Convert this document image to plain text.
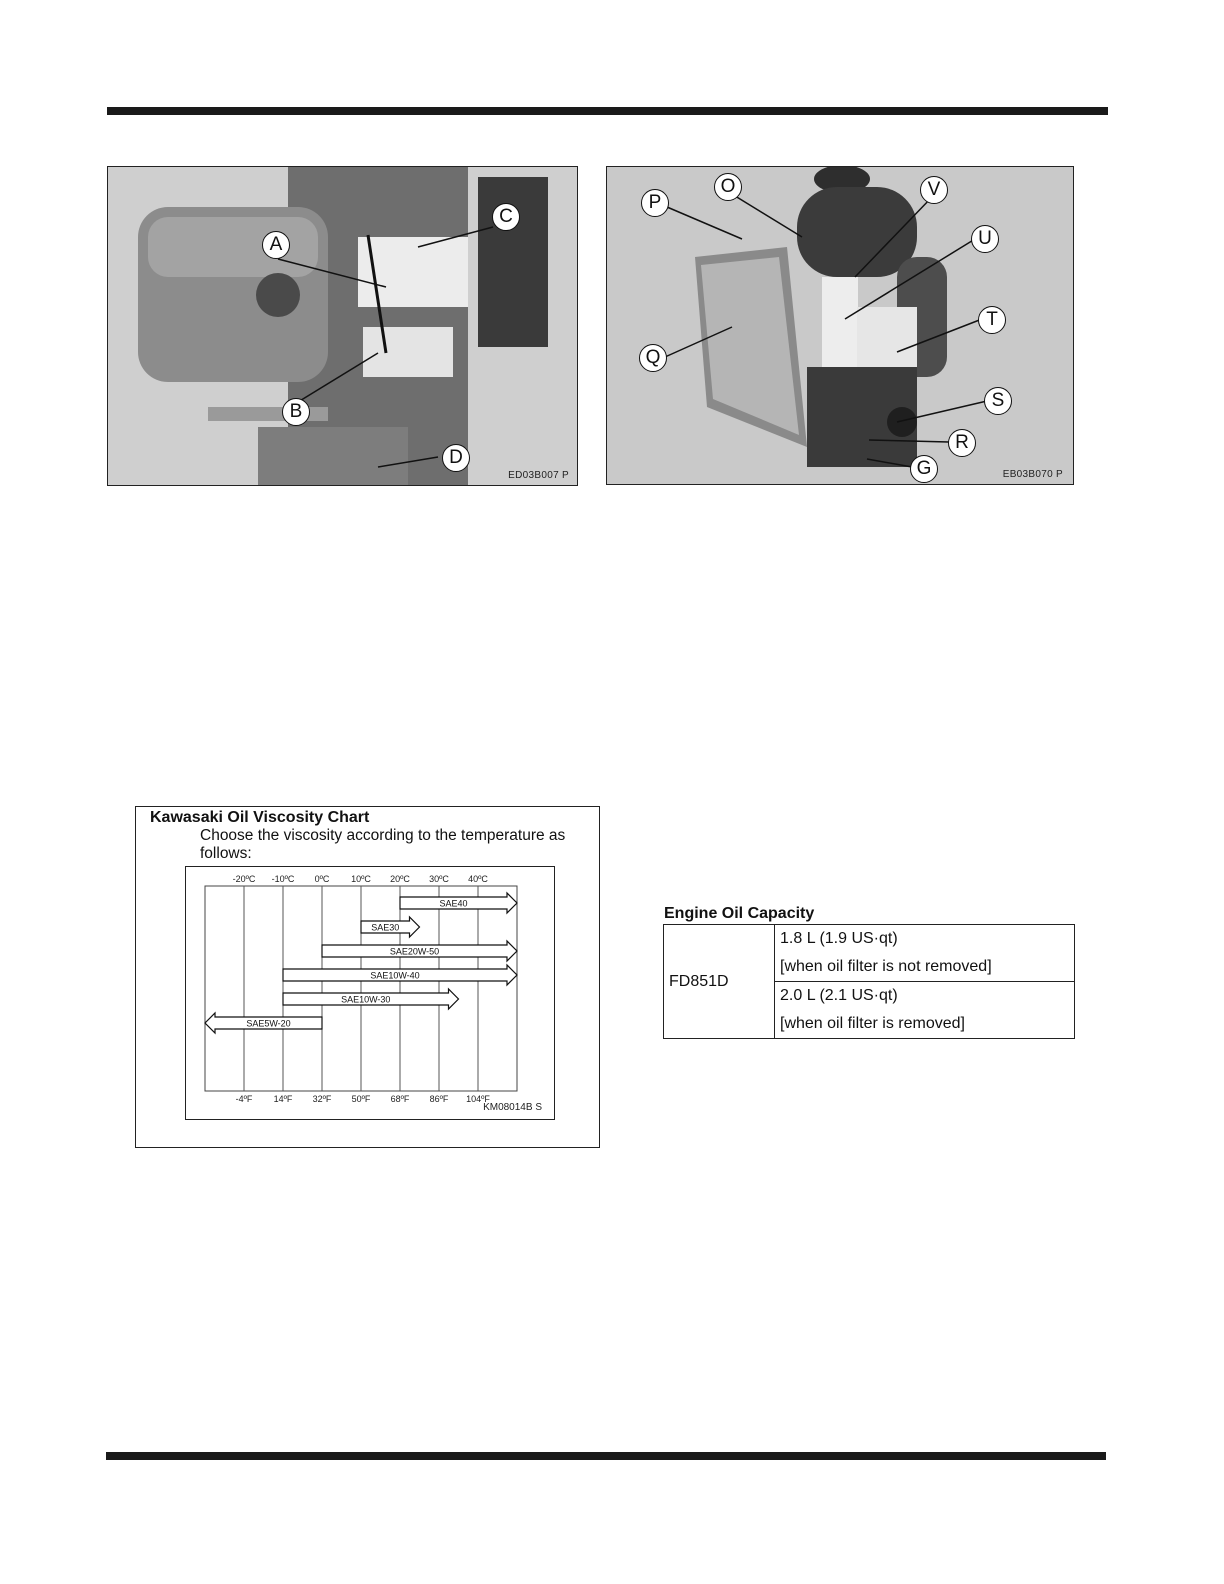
A
B
C
D
ED03B007 P
O
P
V
U
T
Q
S
R
G	EB03B070 P
Kawasaki Oil Viscosity Chart
Choose the viscosity according to the temperature as follows:
-20ºC
-4ºF
-10ºC
14ºF
0ºC
32ºF
10ºC
50ºF
20ºC
68ºF
30ºC
86ºF
40ºC
104ºF
SAE40
SAE30
SAE20W-50
SAE10W-40
SAE10W-30
SAE5W-20
KM08014B S
Engine Oil Capacity
FD851D	
1.8 L (1.9 US·qt)
[when oil filter is not removed]

2.0 L (2.1 US·qt)
[when oil filter is removed]
